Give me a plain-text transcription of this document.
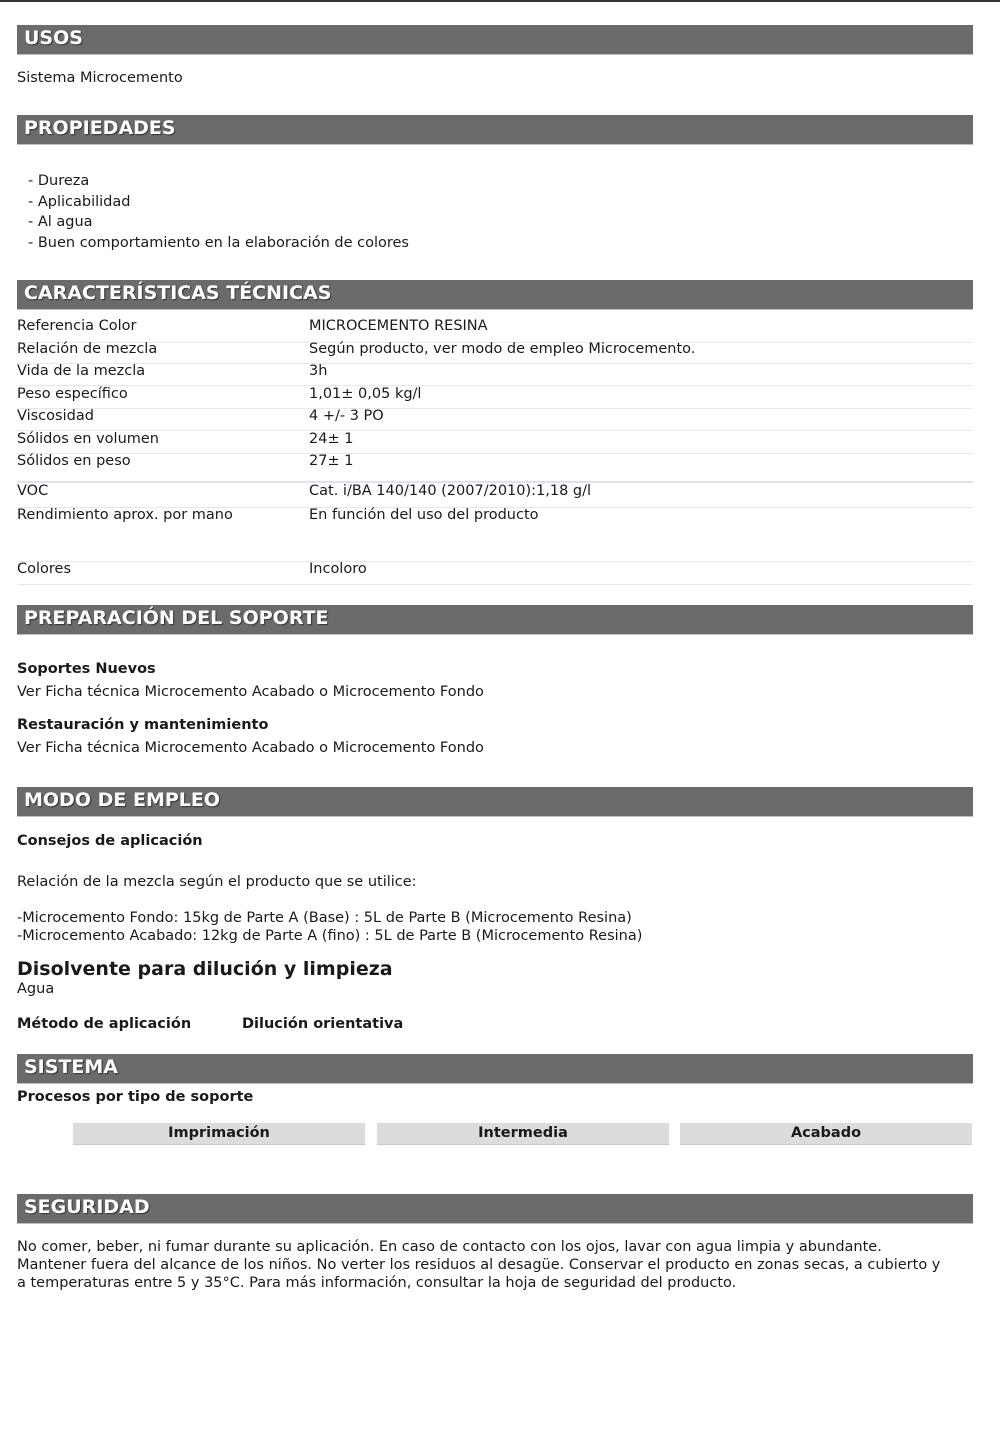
USOS
Sistema Microcemento
PROPIEDADES
- Dureza
- Aplicabilidad
- Al agua
- Buen comportamiento en la elaboración de colores
CARACTERÍSTICAS TÉCNICAS
Referencia Color	MICROCEMENTO RESINA
Relación de mezcla	Según producto, ver modo de empleo Microcemento.
Vida de la mezcla	3h
Peso específico	1,01± 0,05 kg/l
Viscosidad	4 +/- 3 PO
Sólidos en volumen	24± 1
Sólidos en peso	27± 1
VOC	Cat. i/BA 140/140 (2007/2010):1,18 g/l
Rendimiento aprox. por mano	En función del uso del producto
Colores	Incoloro
PREPARACIÓN DEL SOPORTE
Soportes Nuevos
Ver Ficha técnica Microcemento Acabado o Microcemento Fondo
Restauración y mantenimiento
Ver Ficha técnica Microcemento Acabado o Microcemento Fondo
MODO DE EMPLEO
Consejos de aplicación
Relación de la mezcla según el producto que se utilice:
-Microcemento Fondo: 15kg de Parte A (Base) : 5L de Parte B (Microcemento Resina)
-Microcemento Acabado: 12kg de Parte A (fino) : 5L de Parte B (Microcemento Resina)
Disolvente para dilución y limpieza
Agua
Método de aplicación	Dilución orientativa
SISTEMA
Procesos por tipo de soporte
Imprimación	Intermedia	Acabado
SEGURIDAD
No comer, beber, ni fumar durante su aplicación. En caso de contacto con los ojos, lavar con agua limpia y abundante.
Mantener fuera del alcance de los niños. No verter los residuos al desagüe. Conservar el producto en zonas secas, a cubierto y
a temperaturas entre 5 y 35°C. Para más información, consultar la hoja de seguridad del producto.
